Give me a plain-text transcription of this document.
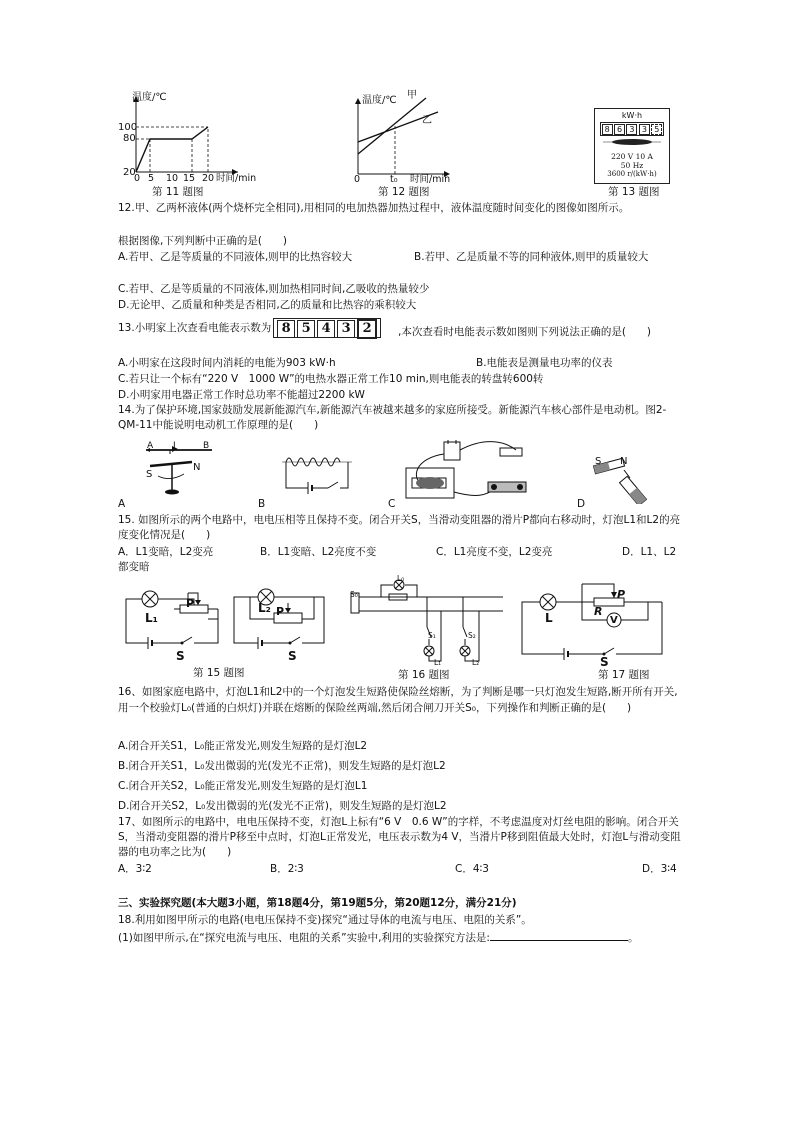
温度/℃
100
80
20
0 5 10 15 20 时间/min
第 11 题图
温度/℃ 甲
乙
0	t₀ 时间/min
第 12 题图
kW·h
8 6 3 3 5
220 V 10 A
50 Hz
3600 r/(kW·h)
第 13 题图
12.甲、乙两杯液体(两个烧杯完全相同),用相同的电加热器加热过程中，液体温度随时间变化的图像如图所示。
根据图像,下列判断中正确的是(　　)
A.若甲、乙是等质量的不同液体,则甲的比热容较大	B.若甲、乙是质量不等的同种液体,则甲的质量较大
C.若甲、乙是等质量的不同液体,则加热相同时间,乙吸收的热量较少
D.无论甲、乙质量和种类是否相同,乙的质量和比热容的乘积较大
13.小明家上次查看电能表示数为 8 5 4 3 2	,本次查看时电能表示数如图则下列说法正确的是(　　)
A.小明家在这段时间内消耗的电能为903 kW·h	B.电能表是测量电功率的仪表
C.若只让一个标有“220 V　1000 W”的电热水器正常工作10 min,则电能表的转盘转600转
D.小明家用电器正常工作时总功率不能超过2200 kW
14.为了保护环境,国家鼓励发展新能源汽车,新能源汽车被越来越多的家庭所接受。新能源汽车核心部件是电动机。图2-QM-11中能说明电动机工作原理的是(　　)
A I	B
S
N
S N
A	B	C	D
15. 如图所示的两个电路中，电电压相等且保持不变。闭合开关S，当滑动变阻器的滑片P都向右移动时，灯泡L1和L2的亮度变化情况是(　　)
A．L1变暗，L2变亮	B．L1变暗、L2亮度不变	C．L1亮度不变，L2变亮	D．L1、L2都变暗
L₁
P
S
L₂ P
S
第 15 题图
L₀
S₀
S₁	S₂
L₁	L₂
第 16 题图
L
P
R
V
S
第 17 题图
16、如图家庭电路中，灯泡L1和L2中的一个灯泡发生短路使保险丝熔断，为了判断是哪一只灯泡发生短路,断开所有开关,用一个校验灯L₀(普通的白炽灯)并联在熔断的保险丝两端,然后闭合闸刀开关S₀，下列操作和判断正确的是(　　)
A.闭合开关S1，L₀能正常发光,则发生短路的是灯泡L2
B.闭合开关S1，L₀发出微弱的光(发光不正常)，则发生短路的是灯泡L2
C.闭合开关S2，L₀能正常发光,则发生短路的是灯泡L1
D.闭合开关S2，L₀发出微弱的光(发光不正常)，则发生短路的是灯泡L2
17、如图所示的电路中，电电压保持不变，灯泡L上标有“6 V　0.6 W”的字样，不考虑温度对灯丝电阻的影响。闭合开关S，当滑动变阻器的滑片P移至中点时，灯泡L正常发光，电压表示数为4 V，当滑片P移到阻值最大处时，灯泡L与滑动变阻器的电功率之比为(　　)
A．3∶2	B．2∶3	C．4∶3	D．3∶4
三、实验探究题(本大题3小题，第18题4分，第19题5分，第20题12分，满分21分)
18.利用如图甲所示的电路(电电压保持不变)探究“通过导体的电流与电压、电阻的关系”。
(1)如图甲所示,在“探究电流与电压、电阻的关系”实验中,利用的实验探究方法是:	。
